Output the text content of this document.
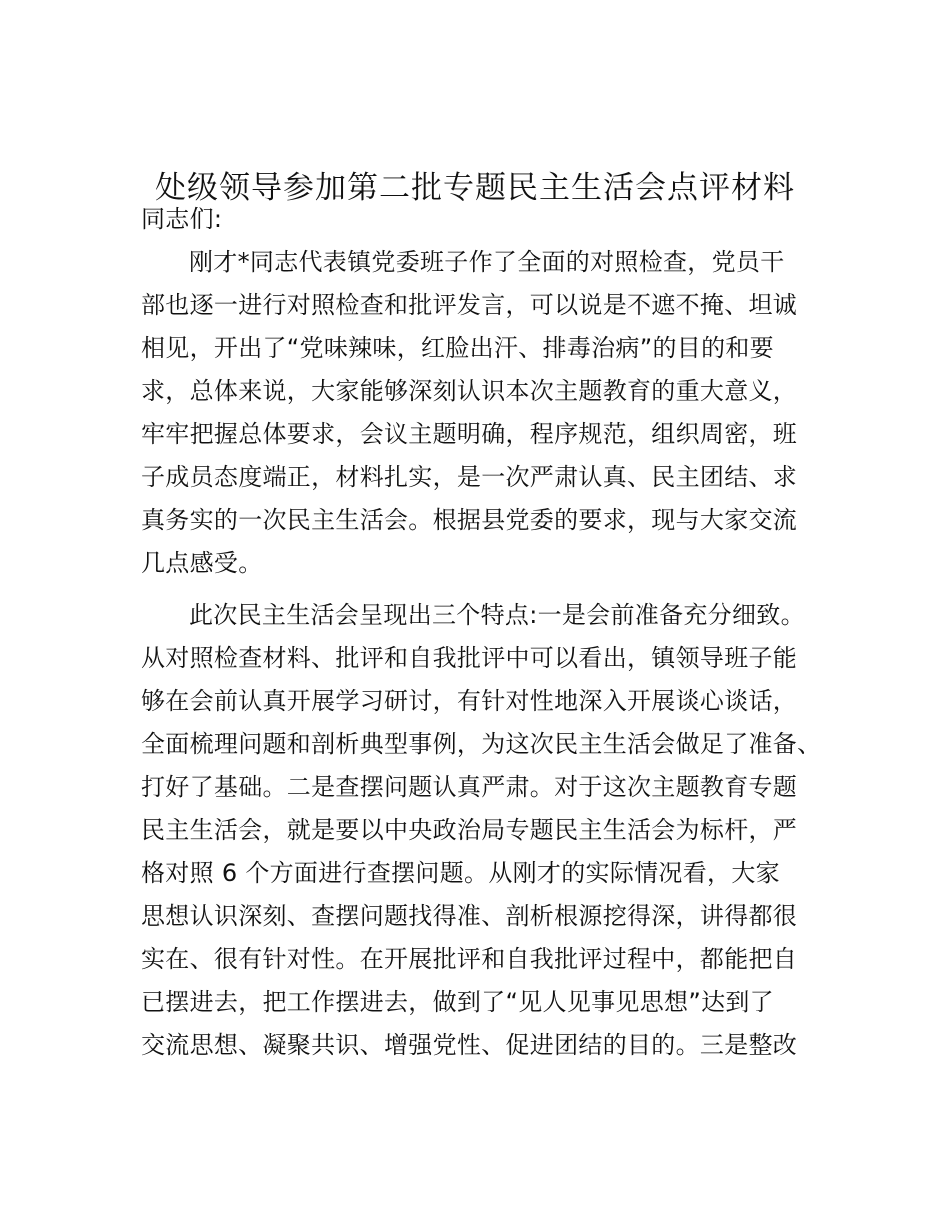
处级领导参加第二批专题民主生活会点评材料
同志们:
刚才*同志代表镇党委班子作了全面的对照检查，党员干
部也逐一进行对照检查和批评发言，可以说是不遮不掩、坦诚
相见，开出了“党味辣味，红脸出汗、排毒治病”的目的和要
求，总体来说，大家能够深刻认识本次主题教育的重大意义，
牢牢把握总体要求，会议主题明确，程序规范，组织周密，班
子成员态度端正，材料扎实，是一次严肃认真、民主团结、求
真务实的一次民主生活会。根据县党委的要求，现与大家交流
几点感受。
此次民主生活会呈现出三个特点:一是会前准备充分细致。
从对照检查材料、批评和自我批评中可以看出，镇领导班子能
够在会前认真开展学习研讨，有针对性地深入开展谈心谈话，
全面梳理问题和剖析典型事例，为这次民主生活会做足了准备、
打好了基础。二是查摆问题认真严肃。对于这次主题教育专题
民主生活会，就是要以中央政治局专题民主生活会为标杆，严
格对照 6 个方面进行查摆问题。从刚才的实际情况看，大家
思想认识深刻、查摆问题找得准、剖析根源挖得深，讲得都很
实在、很有针对性。在开展批评和自我批评过程中，都能把自
已摆进去，把工作摆进去，做到了“见人见事见思想”达到了
交流思想、凝聚共识、增强党性、促进团结的目的。三是整改
